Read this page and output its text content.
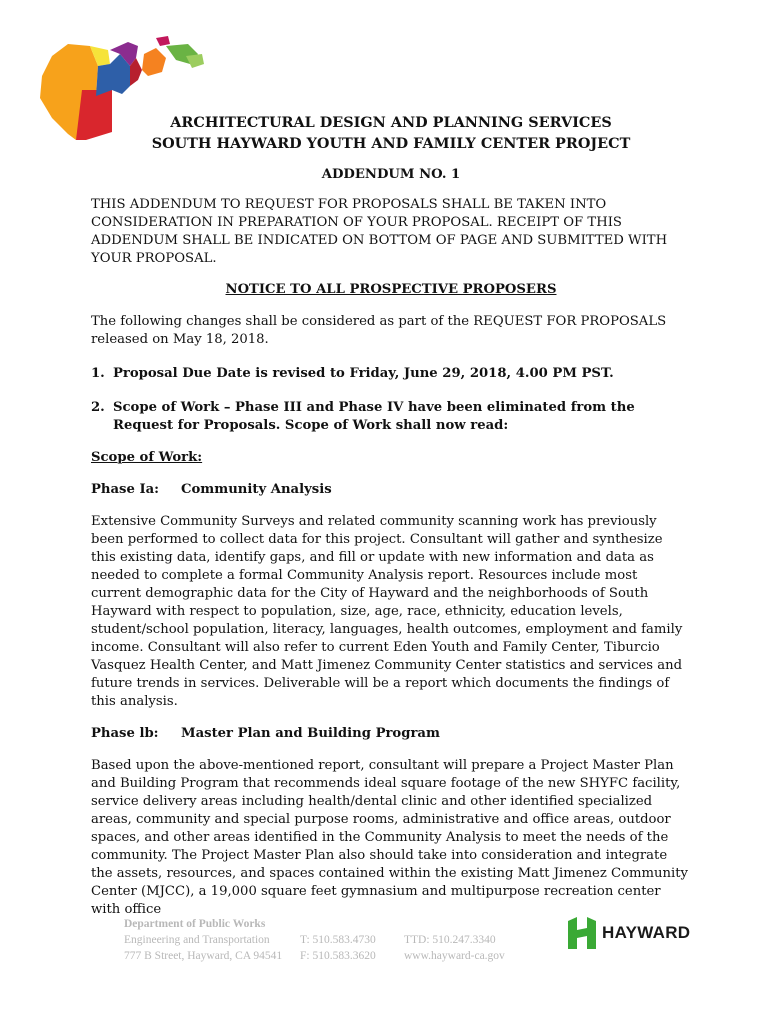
ARCHITECTURAL DESIGN AND PLANNING SERVICES
SOUTH HAYWARD YOUTH AND FAMILY CENTER PROJECT

ADDENDUM NO. 1

THIS ADDENDUM TO REQUEST FOR PROPOSALS SHALL BE TAKEN INTO CONSIDERATION IN PREPARATION OF YOUR PROPOSAL. RECEIPT OF THIS ADDENDUM SHALL BE INDICATED ON BOTTOM OF PAGE AND SUBMITTED WITH YOUR PROPOSAL.

NOTICE TO ALL PROSPECTIVE PROPOSERS

The following changes shall be considered as part of the REQUEST FOR PROPOSALS released on May 18, 2018.

1. Proposal Due Date is revised to Friday, June 29, 2018, 4.00 PM PST.
2. Scope of Work – Phase III and Phase IV have been eliminated from the Request for Proposals. Scope of Work shall now read:

Scope of Work:

Phase Ia:	Community Analysis

Extensive Community Surveys and related community scanning work has previously been performed to collect data for this project. Consultant will gather and synthesize this existing data, identify gaps, and fill or update with new information and data as needed to complete a formal Community Analysis report. Resources include most current demographic data for the City of Hayward and the neighborhoods of South Hayward with respect to population, size, age, race, ethnicity, education levels, student/school population, literacy, languages, health outcomes, employment and family income. Consultant will also refer to current Eden Youth and Family Center, Tiburcio Vasquez Health Center, and Matt Jimenez Community Center statistics and services and future trends in services. Deliverable will be a report which documents the findings of this analysis.

Phase lb:	Master Plan and Building Program

Based upon the above-mentioned report, consultant will prepare a Project Master Plan and Building Program that recommends ideal square footage of the new SHYFC facility, service delivery areas including health/dental clinic and other identified specialized areas, community and special purpose rooms, administrative and office areas, outdoor spaces, and other areas identified in the Community Analysis to meet the needs of the community. The Project Master Plan also should take into consideration and integrate the assets, resources, and spaces contained within the existing Matt Jimenez Community Center (MJCC), a 19,000 square feet gymnasium and multipurpose recreation center with office

Department of Public Works
Engineering and Transportation	T: 510.583.4730	TTD: 510.247.3340
777 B Street, Hayward, CA 94541	F: 510.583.3620	www.hayward-ca.gov
HAYWARD
